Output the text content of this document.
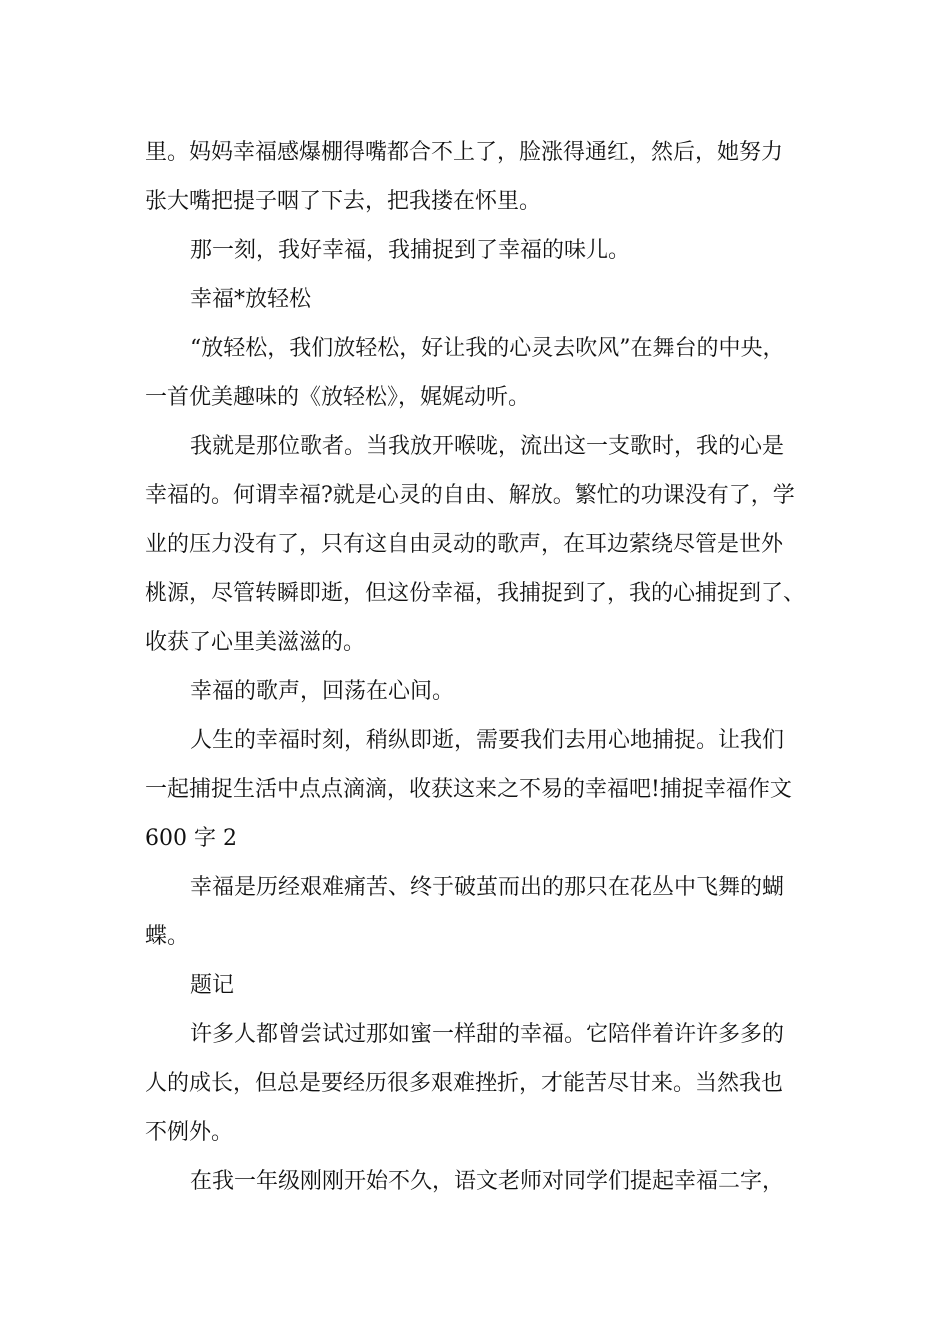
里。妈妈幸福感爆棚得嘴都合不上了，脸涨得通红，然后，她努力
张大嘴把提子咽了下去，把我搂在怀里。
那一刻，我好幸福，我捕捉到了幸福的味儿。
幸福*放轻松
“放轻松，我们放轻松，好让我的心灵去吹风”在舞台的中央，
一首优美趣味的《放轻松》，娓娓动听。
我就是那位歌者。当我放开喉咙，流出这一支歌时，我的心是
幸福的。何谓幸福?就是心灵的自由、解放。繁忙的功课没有了，学
业的压力没有了，只有这自由灵动的歌声，在耳边萦绕尽管是世外
桃源，尽管转瞬即逝，但这份幸福，我捕捉到了，我的心捕捉到了、
收获了心里美滋滋的。
幸福的歌声，回荡在心间。
人生的幸福时刻，稍纵即逝，需要我们去用心地捕捉。让我们
一起捕捉生活中点点滴滴，收获这来之不易的幸福吧!捕捉幸福作文
600 字 2
幸福是历经艰难痛苦、终于破茧而出的那只在花丛中飞舞的蝴
蝶。
题记
许多人都曾尝试过那如蜜一样甜的幸福。它陪伴着许许多多的
人的成长，但总是要经历很多艰难挫折，才能苦尽甘来。当然我也
不例外。
在我一年级刚刚开始不久，语文老师对同学们提起幸福二字，
